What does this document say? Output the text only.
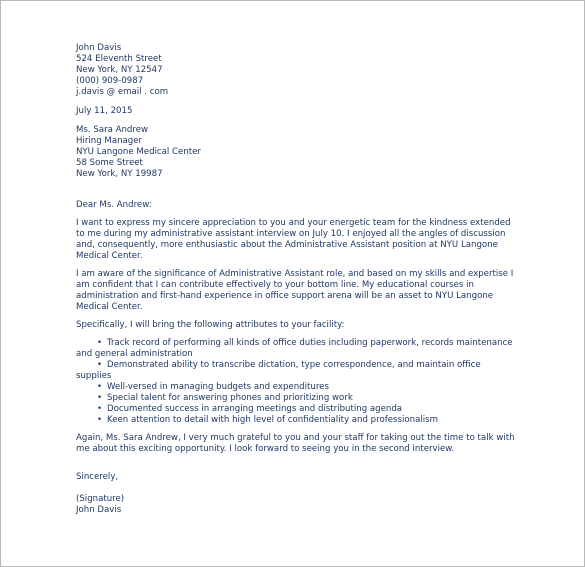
John Davis
524 Eleventh Street
New York, NY 12547
(000) 909-0987
j.davis @ email . com
July 11, 2015
Ms. Sara Andrew
Hiring Manager
NYU Langone Medical Center
58 Some Street
New York, NY 19987
Dear Ms. Andrew:

I want to express my sincere appreciation to you and your energetic team for the kindness extended to me during my administrative assistant interview on July 10. I enjoyed all the angles of discussion and, consequently, more enthusiastic about the Administrative Assistant position at NYU Langone Medical Center.

I am aware of the significance of Administrative Assistant role, and based on my skills and expertise I am confident that I can contribute effectively to your bottom line. My educational courses in administration and first-hand experience in office support arena will be an asset to NYU Langone Medical Center.

Specifically, I will bring the following attributes to your facility:

• Track record of performing all kinds of office duties including paperwork, records maintenance and general administration
• Demonstrated ability to transcribe dictation, type correspondence, and maintain office supplies
• Well-versed in managing budgets and expenditures
• Special talent for answering phones and prioritizing work
• Documented success in arranging meetings and distributing agenda
• Keen attention to detail with high level of confidentiality and professionalism

Again, Ms. Sara Andrew, I very much grateful to you and your staff for taking out the time to talk with me about this exciting opportunity. I look forward to seeing you in the second interview.

Sincerely,
(Signature)
John Davis
